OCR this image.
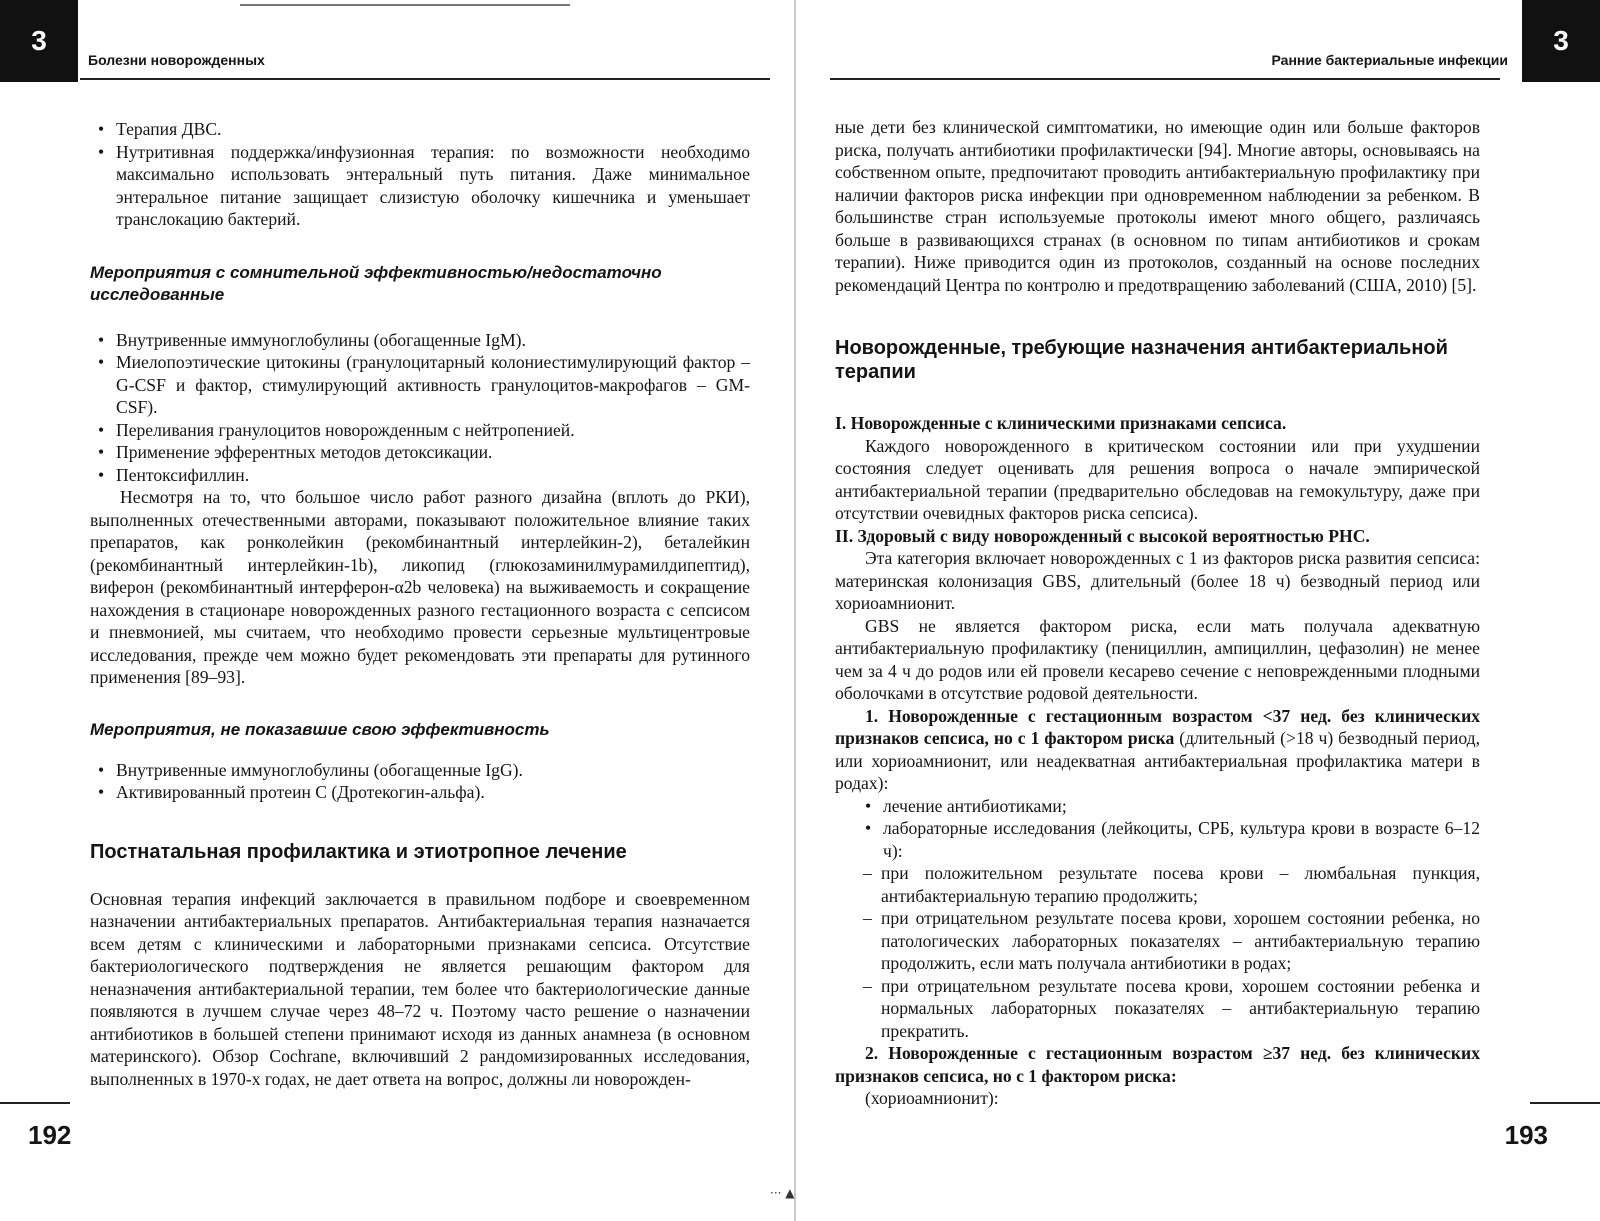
··· ▲
3
Болезни новорожденных
• Терапия ДВС.
• Нутритивная поддержка/инфузионная терапия: по возможности необходимо максимально использовать энтеральный путь питания. Даже минимальное энтеральное питание защищает слизистую оболочку кишечника и уменьшает транслокацию бактерий.
Мероприятия с сомнительной эффективностью/недостаточно исследованные
• Внутривенные иммуноглобулины (обогащенные IgM).
• Миелопоэтические цитокины (гранулоцитарный колониестимулирующий фактор – G-CSF и фактор, стимулирующий активность гранулоцитов-макрофагов – GM-CSF).
• Переливания гранулоцитов новорожденным с нейтропенией.
• Применение эфферентных методов детоксикации.
• Пентоксифиллин.

Несмотря на то, что большое число работ разного дизайна (вплоть до РКИ), выполненных отечественными авторами, показывают положительное влияние таких препаратов, как ронколейкин (рекомбинантный интерлейкин-2), беталейкин (рекомбинантный интерлейкин-1b), ликопид (глюкозаминилмурамилдипептид), виферон (рекомбинантный интерферон-α2b человека) на выживаемость и сокращение нахождения в стационаре новорожденных разного гестационного возраста с сепсисом и пневмонией, мы считаем, что необходимо провести серьезные мультицентровые исследования, прежде чем можно будет рекомендовать эти препараты для рутинного применения [89–93].

Мероприятия, не показавшие свою эффективность
• Внутривенные иммуноглобулины (обогащенные IgG).
• Активированный протеин С (Дротекогин-альфа).
Постнатальная профилактика и этиотропное лечение

Основная терапия инфекций заключается в правильном подборе и своевременном назначении антибактериальных препаратов. Антибактериальная терапия назначается всем детям с клиническими и лабораторными признаками сепсиса. Отсутствие бактериологического подтверждения не является решающим фактором для неназначения антибактериальной терапии, тем более что бактериологические данные появляются в лучшем случае через 48–72 ч. Поэтому часто решение о назначении антибиотиков в большей степени принимают исходя из данных анамнеза (в основном материнского). Обзор Cochrane, включивший 2 рандомизированных исследования, выполненных в 1970-х годах, не дает ответа на вопрос, должны ли новорожден-

192
3
Ранние бактериальные инфекции

ные дети без клинической симптоматики, но имеющие один или больше факторов риска, получать антибиотики профилактически [94]. Многие авторы, основываясь на собственном опыте, предпочитают проводить антибактериальную профилактику при наличии факторов риска инфекции при одновременном наблюдении за ребенком. В большинстве стран используемые протоколы имеют много общего, различаясь больше в развивающихся странах (в основном по типам антибиотиков и срокам терапии). Ниже приводится один из протоколов, созданный на основе последних рекомендаций Центра по контролю и предотвращению заболеваний (США, 2010) [5].

Новорожденные, требующие назначения антибактериальной терапии

I. Новорожденные с клиническими признаками сепсиса.

Каждого новорожденного в критическом состоянии или при ухудшении состояния следует оценивать для решения вопроса о начале эмпирической антибактериальной терапии (предварительно обследовав на гемокультуру, даже при отсутствии очевидных факторов риска сепсиса).

II. Здоровый с виду новорожденный с высокой вероятностью РНС.

Эта категория включает новорожденных с 1 из факторов риска развития сепсиса: материнская колонизация GBS, длительный (более 18 ч) безводный период или хориоамнионит.

GBS не является фактором риска, если мать получала адекватную антибактериальную профилактику (пенициллин, ампициллин, цефазолин) не менее чем за 4 ч до родов или ей провели кесарево сечение с неповрежденными плодными оболочками в отсутствие родовой деятельности.

1. Новорожденные с гестационным возрастом <37 нед. без клинических признаков сепсиса, но с 1 фактором риска (длительный (>18 ч) безводный период, или хориоамнионит, или неадекватная антибактериальная профилактика матери в родах):

• лечение антибиотиками;
• лабораторные исследования (лейкоциты, СРБ, культура крови в возрасте 6–12 ч):
– при положительном результате посева крови – люмбальная пункция, антибактериальную терапию продолжить;
– при отрицательном результате посева крови, хорошем состоянии ребенка, но патологических лабораторных показателях – антибактериальную терапию продолжить, если мать получала антибиотики в родах;
– при отрицательном результате посева крови, хорошем состоянии ребенка и нормальных лабораторных показателях – антибактериальную терапию прекратить.

2. Новорожденные с гестационным возрастом ≥37 нед. без клинических признаков сепсиса, но с 1 фактором риска:

(хориоамнионит):

193
